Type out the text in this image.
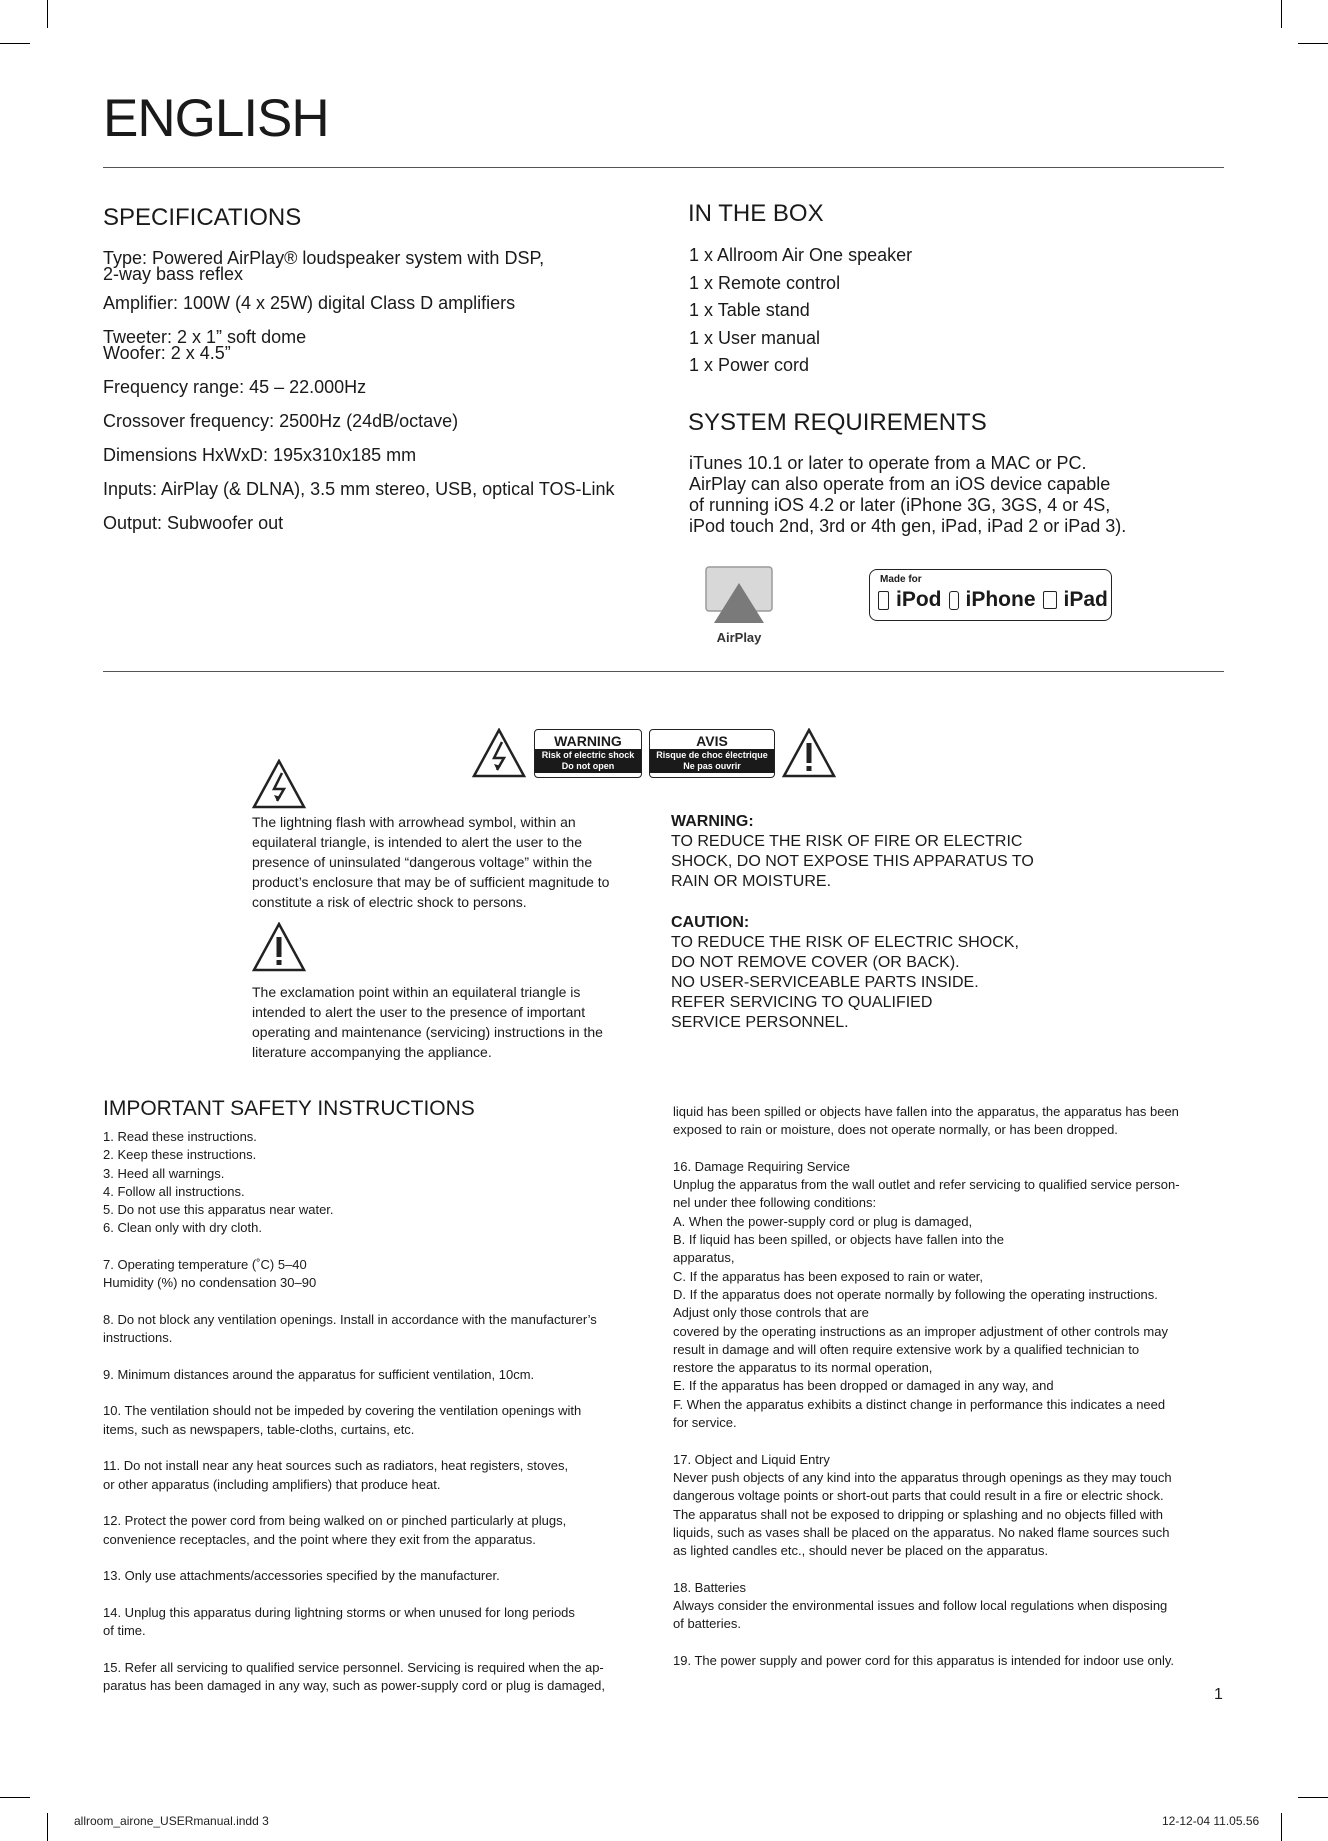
ENGLISH
SPECIFICATIONS

Type: Powered AirPlay® loudspeaker system with DSP,
2-way bass reflex

Amplifier: 100W (4 x 25W) digital Class D amplifiers

Tweeter: 2 x 1” soft dome
Woofer: 2 x 4.5”

Frequency range: 45 – 22.000Hz

Crossover frequency: 2500Hz (24dB/octave)

Dimensions HxWxD: 195x310x185 mm

Inputs: AirPlay (& DLNA), 3.5 mm stereo, USB, optical TOS-Link

Output: Subwoofer out

IN THE BOX

1 x Allroom Air One speaker

1 x Remote control

1 x Table stand

1 x User manual

1 x Power cord

SYSTEM REQUIREMENTS
iTunes 10.1 or later to operate from a MAC or PC.
AirPlay can also operate from an iOS device capable
of running iOS 4.2 or later (iPhone 3G, 3GS, 4 or 4S,
iPod touch 2nd, 3rd or 4th gen, iPad, iPad 2 or iPad 3).
AirPlay
Made for
iPod iPhone iPad
WARNING
Risk of electric shock
Do not open
AVIS
Risque de choc électrique
Ne pas ouvrir
The lightning flash with arrowhead symbol, within an equilateral triangle, is intended to alert the user to the presence of uninsulated “dangerous voltage” within the product’s enclosure that may be of sufficient magnitude to constitute a risk of electric shock to persons.
The exclamation point within an equilateral triangle is intended to alert the user to the presence of important operating and maintenance (servicing) instructions in the literature accompanying the appliance.
WARNING:
TO REDUCE THE RISK OF FIRE OR ELECTRIC
SHOCK, DO NOT EXPOSE THIS APPARATUS TO
RAIN OR MOISTURE.
CAUTION:
TO REDUCE THE RISK OF ELECTRIC SHOCK,
DO NOT REMOVE COVER (OR BACK).
NO USER-SERVICEABLE PARTS INSIDE.
REFER SERVICING TO QUALIFIED
SERVICE PERSONNEL.
IMPORTANT SAFETY INSTRUCTIONS

1. Read these instructions.
2. Keep these instructions.
3. Heed all warnings.
4. Follow all instructions.
5. Do not use this apparatus near water.
6. Clean only with dry cloth.

7. Operating temperature (˚C) 5–40
Humidity (%) no condensation 30–90

8. Do not block any ventilation openings. Install in accordance with the manufacturer’s
instructions.

9. Minimum distances around the apparatus for sufficient ventilation, 10cm.

10. The ventilation should not be impeded by covering the ventilation openings with
items, such as newspapers, table-cloths, curtains, etc.

11. Do not install near any heat sources such as radiators, heat registers, stoves,
or other apparatus (including amplifiers) that produce heat.

12. Protect the power cord from being walked on or pinched particularly at plugs,
convenience receptacles, and the point where they exit from the apparatus.

13. Only use attachments/accessories specified by the manufacturer.

14. Unplug this apparatus during lightning storms or when unused for long periods
of time.

15. Refer all servicing to qualified service personnel. Servicing is required when the ap-
paratus has been damaged in any way, such as power-supply cord or plug is damaged,

liquid has been spilled or objects have fallen into the apparatus, the apparatus has been
exposed to rain or moisture, does not operate normally, or has been dropped.

16. Damage Requiring Service
Unplug the apparatus from the wall outlet and refer servicing to qualified service person-
nel under thee following conditions:
A. When the power-supply cord or plug is damaged,
B. If liquid has been spilled, or objects have fallen into the
apparatus,
C. If the apparatus has been exposed to rain or water,
D. If the apparatus does not operate normally by following the operating instructions.
Adjust only those controls that are
covered by the operating instructions as an improper adjustment of other controls may
result in damage and will often require extensive work by a qualified technician to
restore the apparatus to its normal operation,
E. If the apparatus has been dropped or damaged in any way, and
F. When the apparatus exhibits a distinct change in performance this indicates a need
for service.

17. Object and Liquid Entry
Never push objects of any kind into the apparatus through openings as they may touch
dangerous voltage points or short-out parts that could result in a fire or electric shock.
The apparatus shall not be exposed to dripping or splashing and no objects filled with
liquids, such as vases shall be placed on the apparatus. No naked flame sources such
as lighted candles etc., should never be placed on the apparatus.

18. Batteries
Always consider the environmental issues and follow local regulations when disposing
of batteries.

19. The power supply and power cord for this apparatus is intended for indoor use only.

1
allroom_airone_USERmanual.indd 3	12-12-04 11.05.56
